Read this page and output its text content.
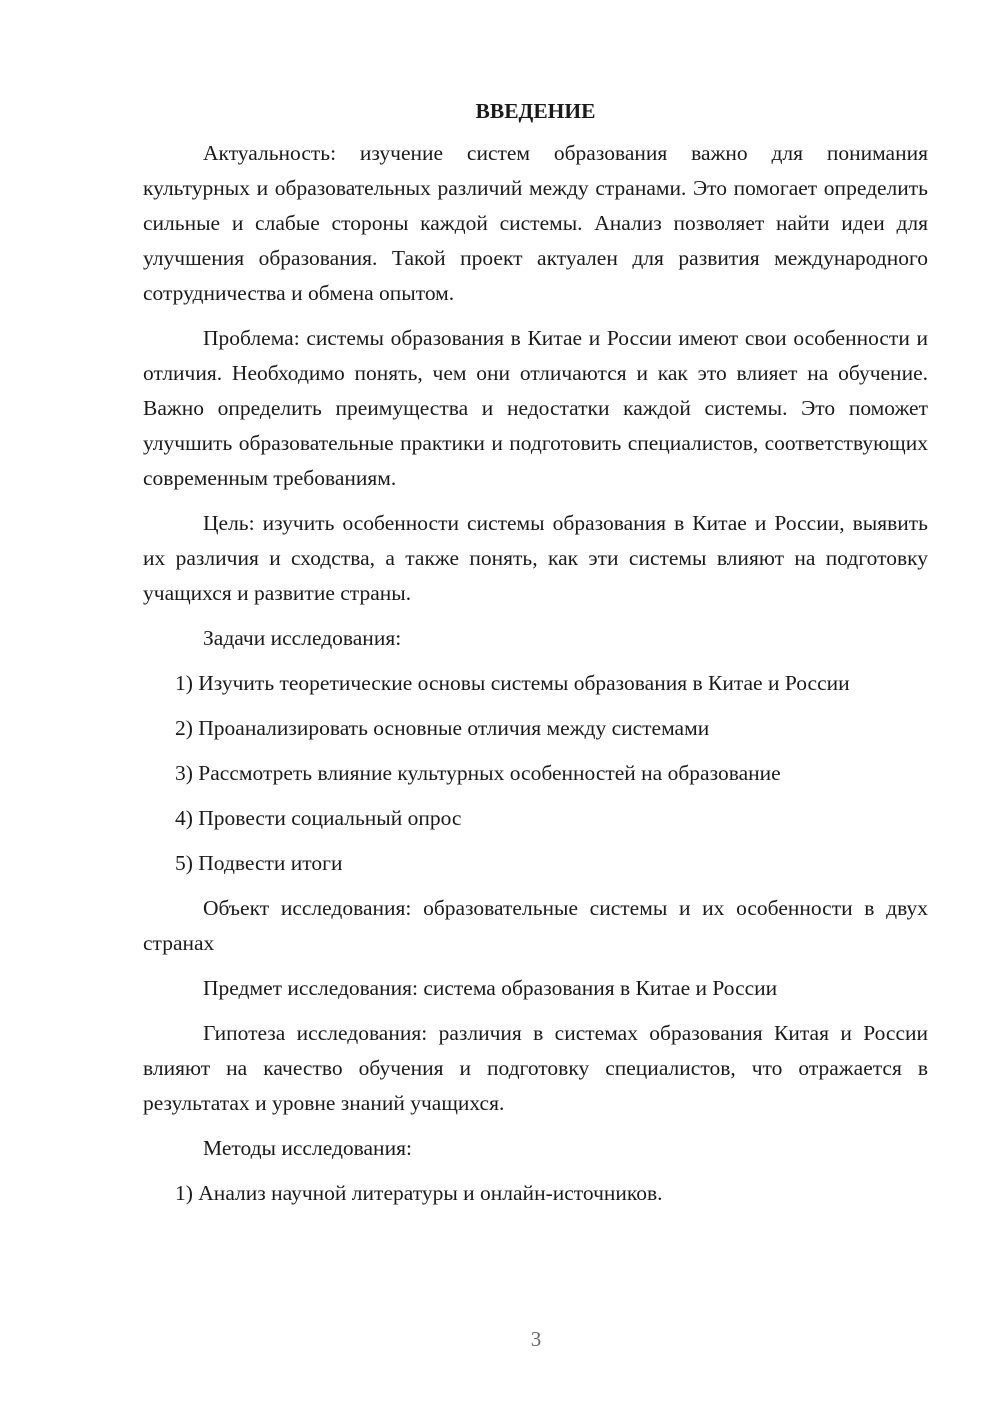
ВВЕДЕНИЕ

Актуальность: изучение систем образования важно для понимания культурных и образовательных различий между странами. Это помогает определить сильные и слабые стороны каждой системы. Анализ позволяет найти идеи для улучшения образования. Такой проект актуален для развития международного сотрудничества и обмена опытом.

Проблема: системы образования в Китае и России имеют свои особенности и отличия. Необходимо понять, чем они отличаются и как это влияет на обучение. Важно определить преимущества и недостатки каждой системы. Это поможет улучшить образовательные практики и подготовить специалистов, соответствующих современным требованиям.

Цель: изучить особенности системы образования в Китае и России, выявить их различия и сходства, а также понять, как эти системы влияют на подготовку учащихся и развитие страны.

Задачи исследования:

1) Изучить теоретические основы системы образования в Китае и России

2) Проанализировать основные отличия между системами

3) Рассмотреть влияние культурных особенностей на образование

4) Провести социальный опрос

5) Подвести итоги

Объект исследования: образовательные системы и их особенности в двух странах

Предмет исследования: система образования в Китае и России

Гипотеза исследования: различия в системах образования Китая и России влияют на качество обучения и подготовку специалистов, что отражается в результатах и уровне знаний учащихся.

Методы исследования:

1) Анализ научной литературы и онлайн-источников.

3
